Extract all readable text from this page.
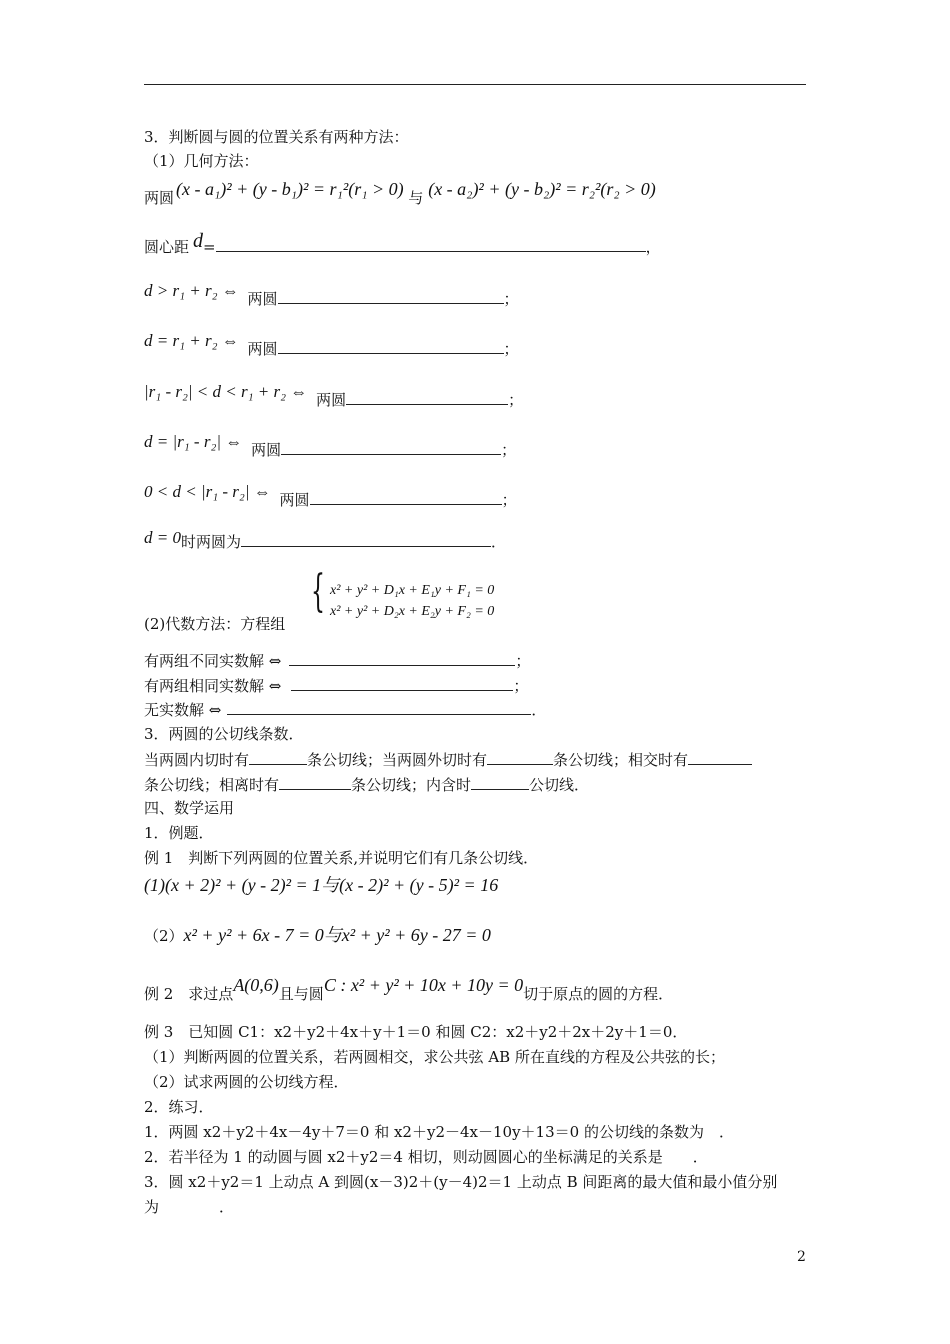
3．判断圆与圆的位置关系有两种方法：
（1）几何方法：
两圆 (x - a₁)² + (y - b₁)² = r₁²(r₁ > 0) 与 (x - a₂)² + (y - b₂)² = r₂²(r₂ > 0)
圆心距 d=	，
d > r₁ + r₂ ⇔ 两圆	；
d = r₁ + r₂ ⇔ 两圆	；
|r₁ - r₂| < d < r₁ + r₂ ⇔ 两圆	；
d = |r₁ - r₂| ⇔ 两圆	；
0 < d < |r₁ - r₂| ⇔ 两圆	；
d = 0时两圆为	．
{ x² + y² + D₁x + E₁y + F₁ = 0
x² + y² + D₂x + E₂y + F₂ = 0
(2)代数方法：方程组
有两组不同实数解 ⇔	；
有两组相同实数解 ⇔	；
无实数解 ⇔	．
3．两圆的公切线条数．
当两圆内切时有	条公切线；当两圆外切时有	条公切线；相交时有
条公切线；相离时有	条公切线；内含时	公切线．
四、数学运用
1．例题．
例 1　判断下列两圆的位置关系,并说明它们有几条公切线．
(1)(x + 2)² + (y - 2)² = 1与(x - 2)² + (y - 5)² = 16
（2）x² + y² + 6x - 7 = 0与x² + y² + 6y - 27 = 0
例 2　求过点A(0,6)且与圆C : x² + y² + 10x + 10y = 0切于原点的圆的方程．
例 3　已知圆 C1：x2＋y2＋4x＋y＋1＝0 和圆 C2：x2＋y2＋2x＋2y＋1＝0．
（1）判断两圆的位置关系，若两圆相交，求公共弦 AB 所在直线的方程及公共弦的长；
（2）试求两圆的公切线方程．
2．练习．
1．两圆 x2＋y2＋4x－4y＋7＝0 和 x2＋y2－4x－10y＋13＝0 的公切线的条数为　．
2．若半径为 1 的动圆与圆 x2＋y2＝4 相切，则动圆圆心的坐标满足的关系是　　．
3．圆 x2＋y2＝1 上动点 A 到圆(x－3)2＋(y－4)2＝1 上动点 B 间距离的最大值和最小值分别
为　　　　．
2
